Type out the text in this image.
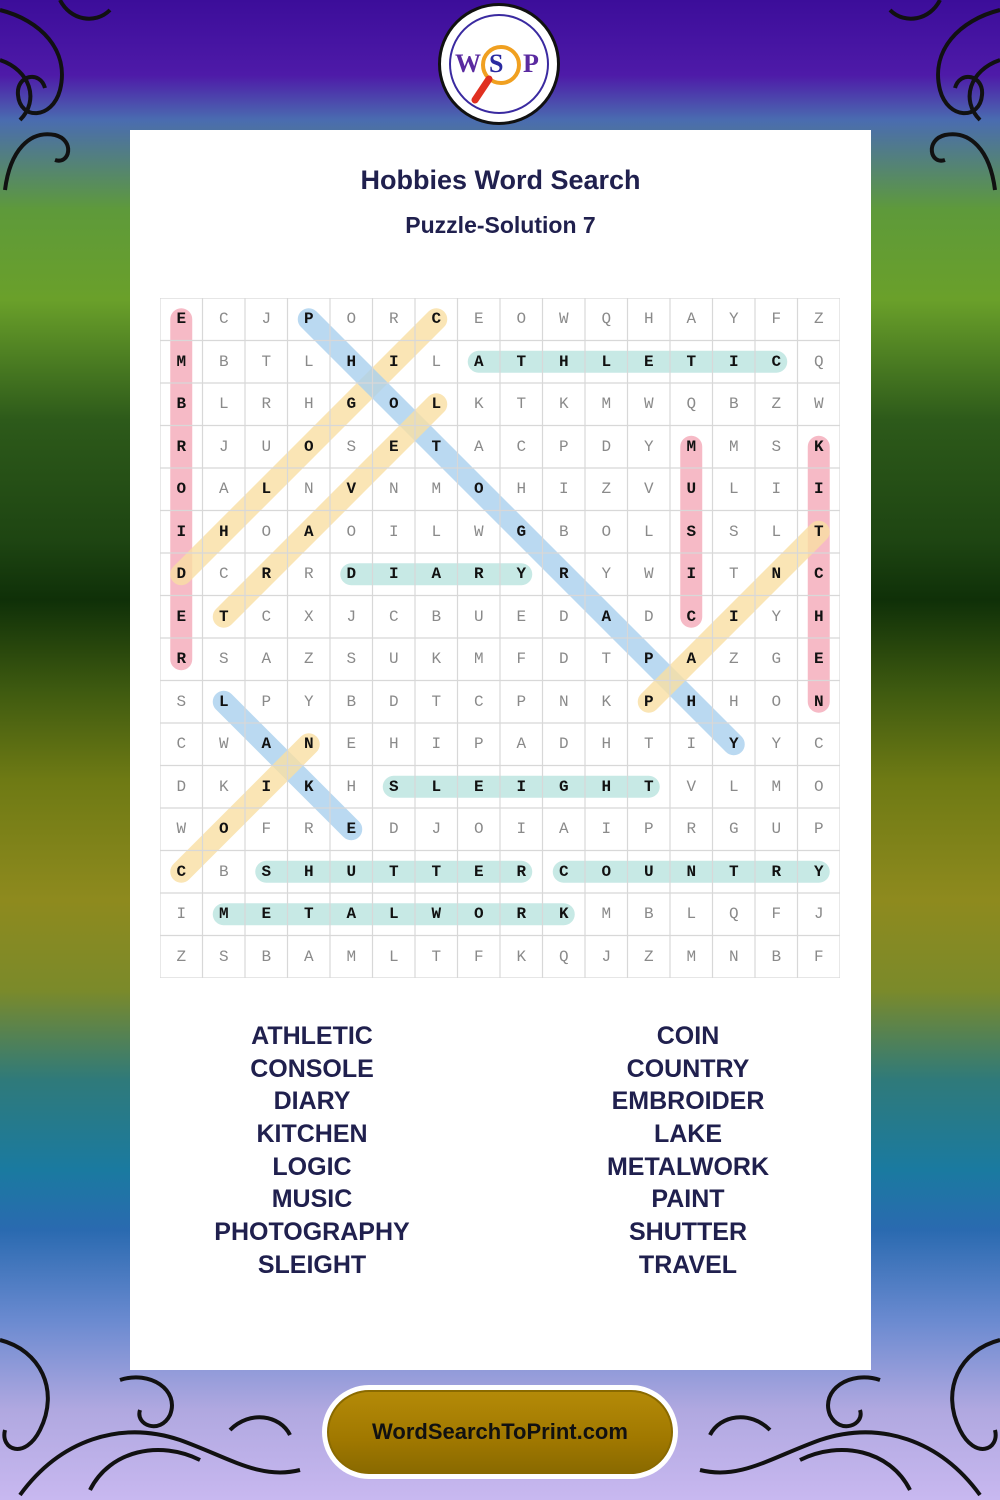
W S P
Hobbies Word Search
Puzzle-Solution 7
E	C	J	P	O	R	C	E	O	W	Q	H	A	Y	F	Z
M	B	T	L	H	I	L	A	T	H	L	E	T	I	C	Q
B	L	R	H	G	O	L	K	T	K	M	W	Q	B	Z	W
R	J	U	O	S	E	T	A	C	P	D	Y	M	M	S	K
O	A	L	N	V	N	M	O	H	I	Z	V	U	L	I	I
I	H	O	A	O	I	L	W	G	B	O	L	S	S	L	T
D	C	R	R	D	I	A	R	Y	R	Y	W	I	T	N	C
E	T	C	X	J	C	B	U	E	D	A	D	C	I	Y	H
R	S	A	Z	S	U	K	M	F	D	T	P	A	Z	G	E
S	L	P	Y	B	D	T	C	P	N	K	P	H	H	O	N
C	W	A	N	E	H	I	P	A	D	H	T	I	Y	Y	C
D	K	I	K	H	S	L	E	I	G	H	T	V	L	M	O
W	O	F	R	E	D	J	O	I	A	I	P	R	G	U	P
C	B	S	H	U	T	T	E	R	C	O	U	N	T	R	Y
I	M	E	T	A	L	W	O	R	K	M	B	L	Q	F	J
Z	S	B	A	M	L	T	F	K	Q	J	Z	M	N	B	F
ATHLETIC
CONSOLE
DIARY
KITCHEN
LOGIC
MUSIC
PHOTOGRAPHY
SLEIGHT
COIN
COUNTRY
EMBROIDER
LAKE
METALWORK
PAINT
SHUTTER
TRAVEL
WordSearchToPrint.com
